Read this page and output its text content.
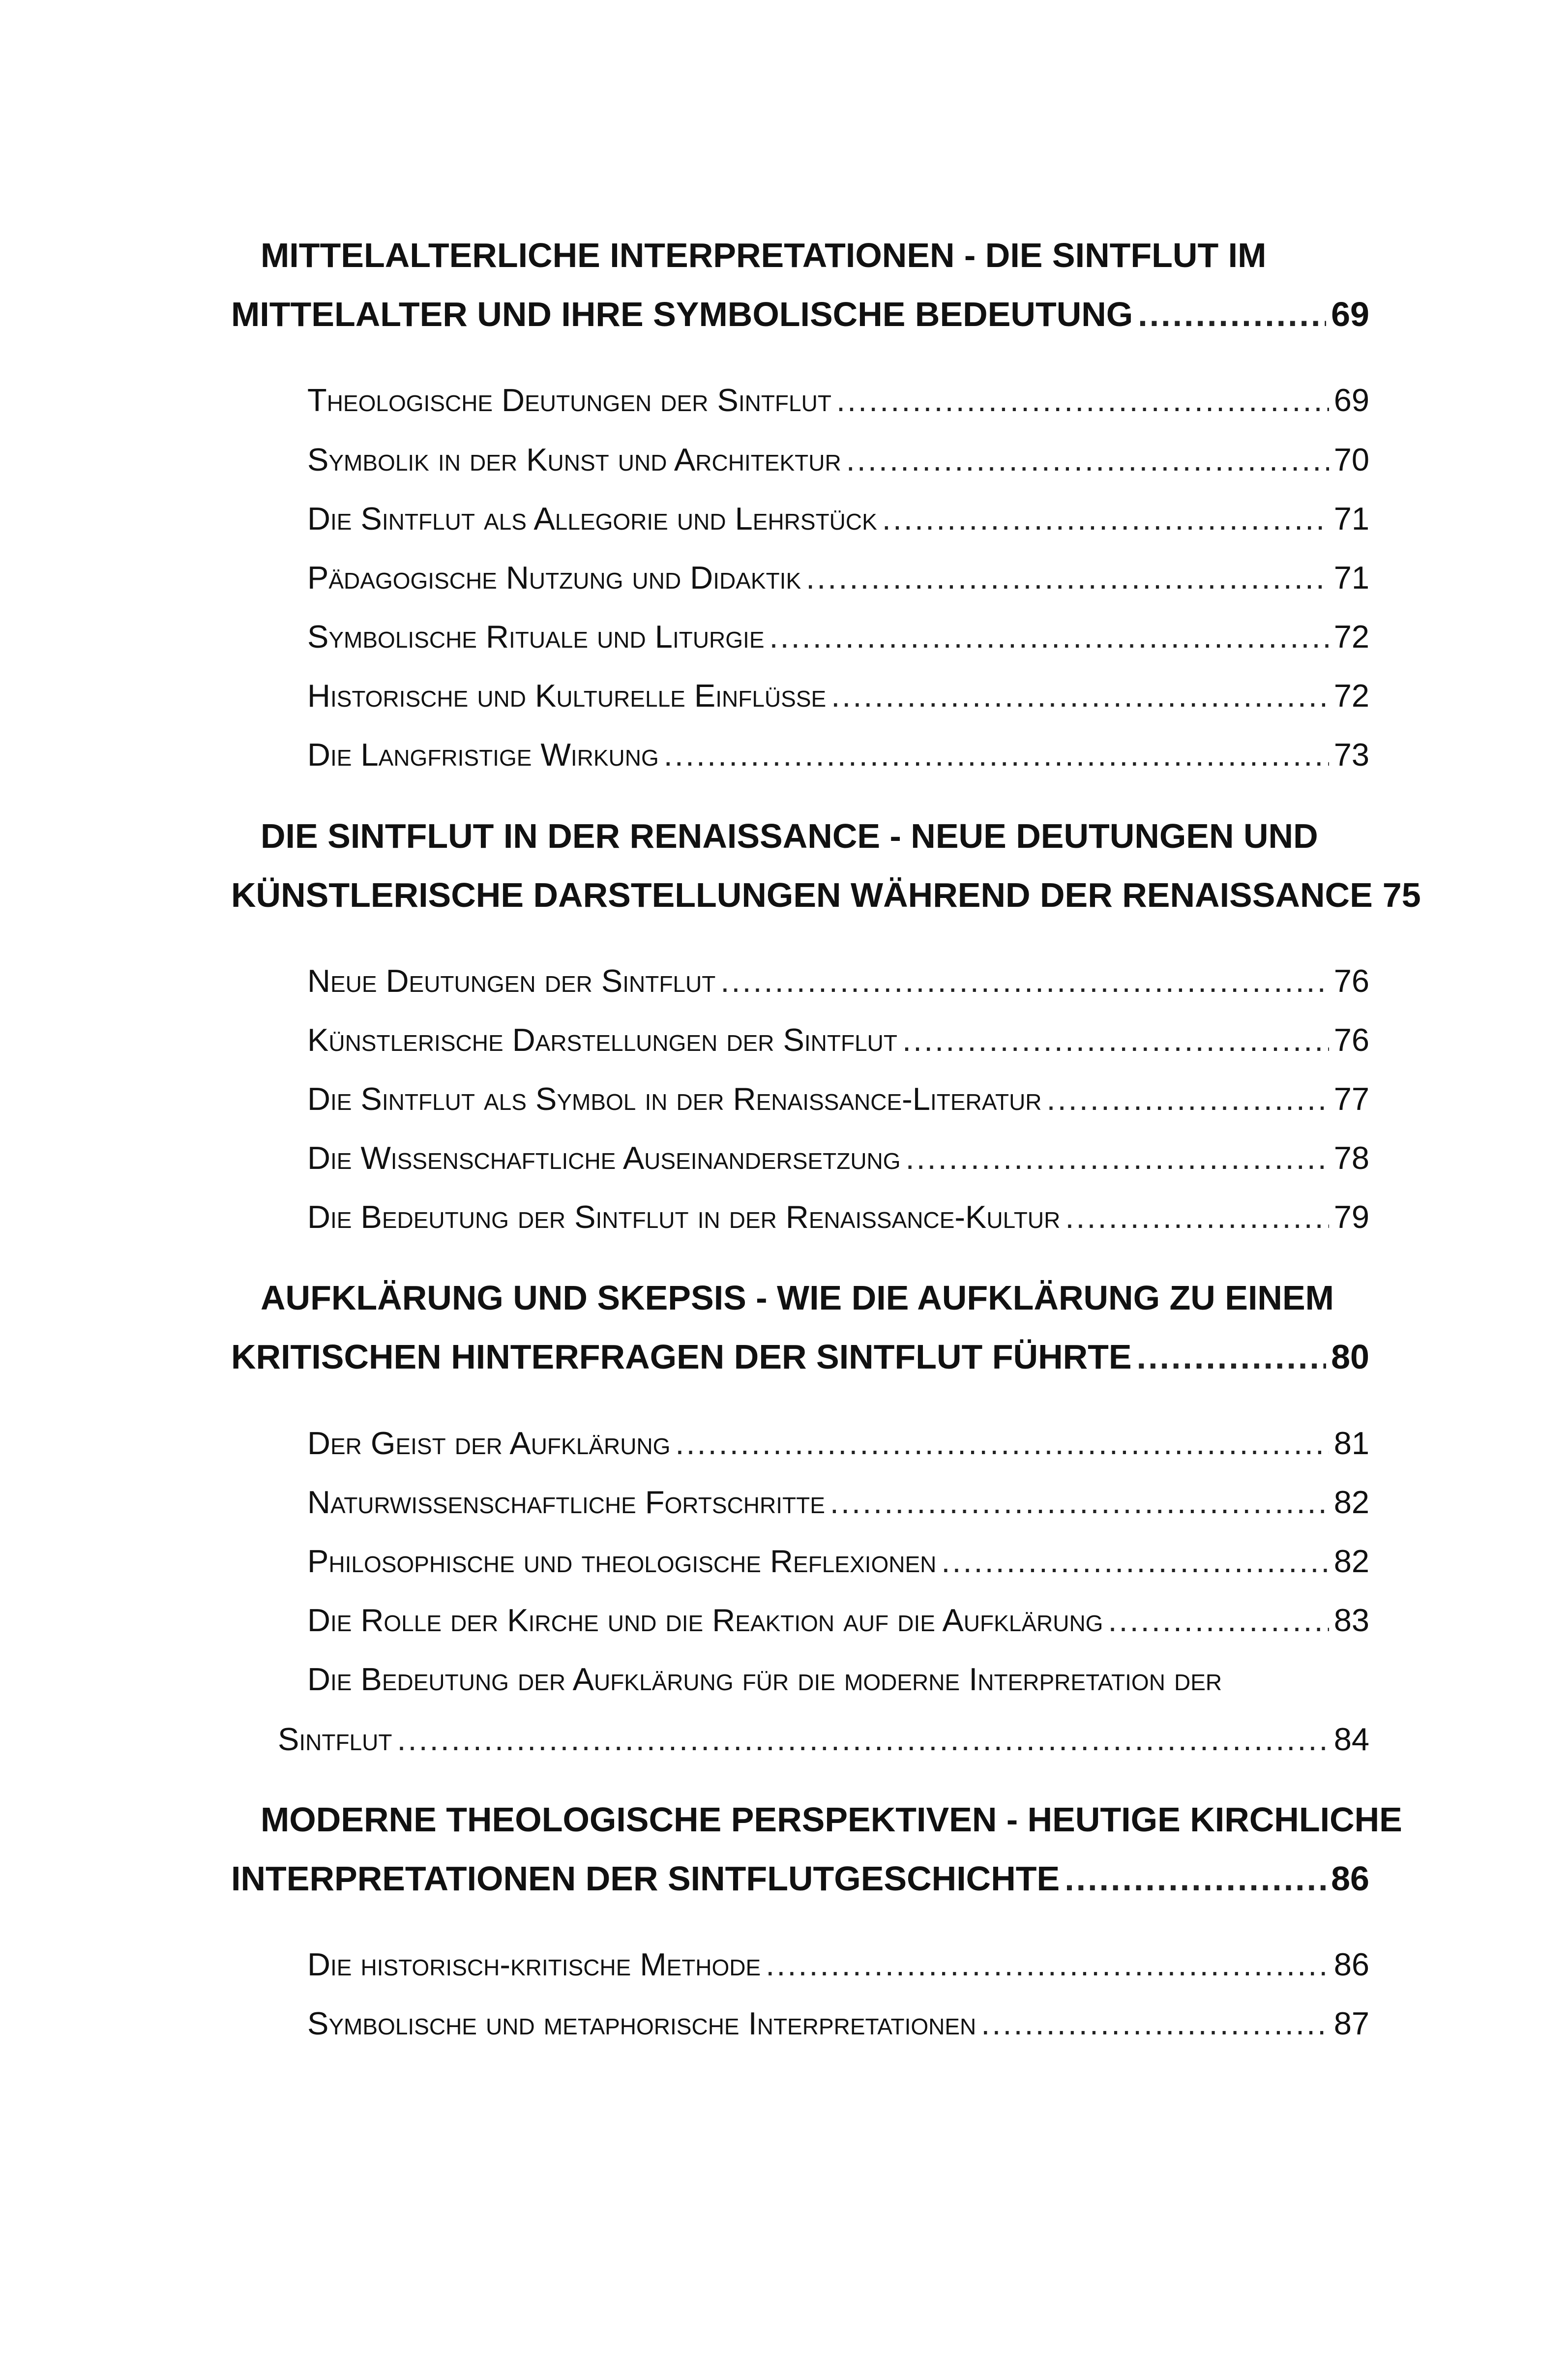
MITTELALTERLICHE INTERPRETATIONEN - DIE SINTFLUT IM
MITTELALTER UND IHRE SYMBOLISCHE BEDEUTUNG .....	69
Theologische Deutungen der Sintflut .....	69
Symbolik in der Kunst und Architektur .....	70
Die Sintflut als Allegorie und Lehrstück .....	71
Pädagogische Nutzung und Didaktik .....	71
Symbolische Rituale und Liturgie .....	72
Historische und Kulturelle Einflüsse .....	72
Die Langfristige Wirkung .....	73
DIE SINTFLUT IN DER RENAISSANCE - NEUE DEUTUNGEN UND
KÜNSTLERISCHE DARSTELLUNGEN WÄHREND DER RENAISSANCE 75
Neue Deutungen der Sintflut .....	76
Künstlerische Darstellungen der Sintflut .....	76
Die Sintflut als Symbol in der Renaissance-Literatur .....	77
Die Wissenschaftliche Auseinandersetzung .....	78
Die Bedeutung der Sintflut in der Renaissance-Kultur .....	79
AUFKLÄRUNG UND SKEPSIS - WIE DIE AUFKLÄRUNG ZU EINEM
KRITISCHEN HINTERFRAGEN DER SINTFLUT FÜHRTE .....	80
Der Geist der Aufklärung .....	81
Naturwissenschaftliche Fortschritte .....	82
Philosophische und theologische Reflexionen .....	82
Die Rolle der Kirche und die Reaktion auf die Aufklärung .....	83
Die Bedeutung der Aufklärung für die moderne Interpretation der
Sintflut .....	84
MODERNE THEOLOGISCHE PERSPEKTIVEN - HEUTIGE KIRCHLICHE
INTERPRETATIONEN DER SINTFLUTGESCHICHTE .....	86
Die historisch-kritische Methode .....	86
Symbolische und metaphorische Interpretationen .....	87
